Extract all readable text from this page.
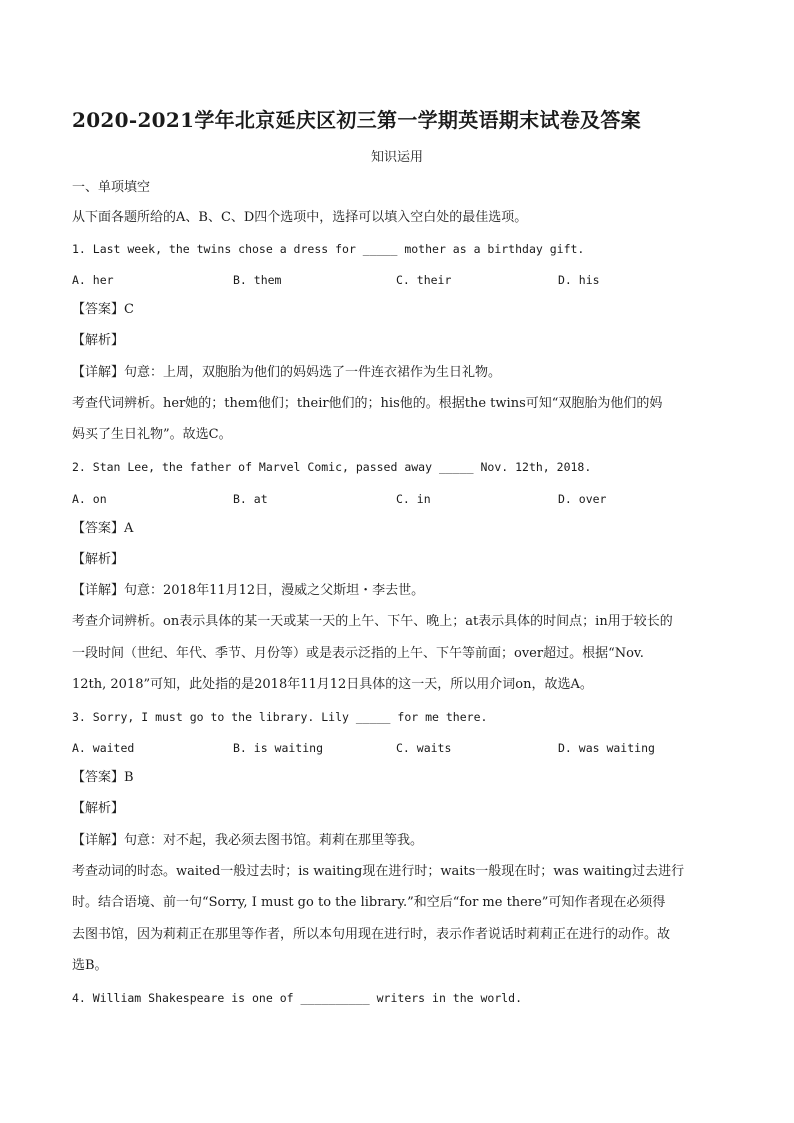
2020-2021学年北京延庆区初三第一学期英语期末试卷及答案
知识运用
一、单项填空
从下面各题所给的A、B、C、D四个选项中，选择可以填入空白处的最佳选项。
1. Last week, the twins chose a dress for _____ mother as a birthday gift.
A. her	B. them	C. their	D. his
【答案】C
【解析】
【详解】句意：上周，双胞胎为他们的妈妈选了一件连衣裙作为生日礼物。
考查代词辨析。her她的；them他们；their他们的；his他的。根据the twins可知“双胞胎为他们的妈
妈买了生日礼物”。故选C。
2. Stan Lee, the father of Marvel Comic, passed away _____ Nov. 12th, 2018.
A. on	B. at	C. in	D. over
【答案】A
【解析】
【详解】句意：2018年11月12日，漫威之父斯坦・李去世。
考查介词辨析。on表示具体的某一天或某一天的上午、下午、晚上；at表示具体的时间点；in用于较长的
一段时间（世纪、年代、季节、月份等）或是表示泛指的上午、下午等前面；over超过。根据“Nov.
12th, 2018”可知，此处指的是2018年11月12日具体的这一天，所以用介词on，故选A。
3. Sorry, I must go to the library. Lily _____ for me there.
A. waited	B. is waiting	C. waits	D. was waiting
【答案】B
【解析】
【详解】句意：对不起，我必须去图书馆。莉莉在那里等我。
考查动词的时态。waited一般过去时；is waiting现在进行时；waits一般现在时；was waiting过去进行
时。结合语境、前一句“Sorry, I must go to the library.”和空后“for me there”可知作者现在必须得
去图书馆，因为莉莉正在那里等作者，所以本句用现在进行时，表示作者说话时莉莉正在进行的动作。故
选B。
4. William Shakespeare is one of __________ writers in the world.
